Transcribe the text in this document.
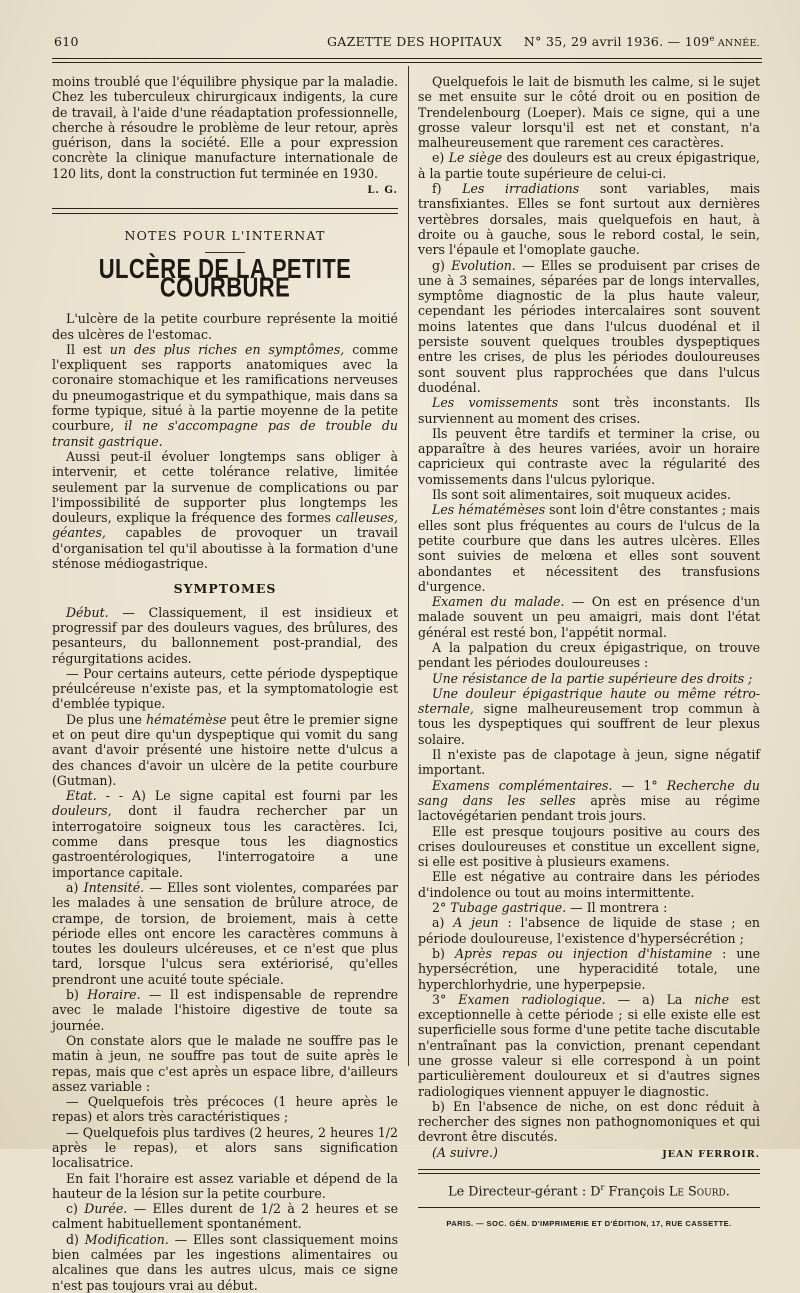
610	GAZETTE DES HOPITAUX N° 35, 29 avril 1936. — 109e ANNÉE.

moins troublé que l'équilibre physique par la maladie. Chez les tuberculeux chirurgicaux indigents, la cure de travail, à l'aide d'une réadaptation professionnelle, cherche à résoudre le problème de leur retour, après guérison, dans la société. Elle a pour expression concrète la clinique manufacture internationale de 120 lits, dont la construction fut terminée en 1930.

L. G.
NOTES POUR L'INTERNAT
ULCÈRE DE LA PETITE COURBURE

L'ulcère de la petite courbure représente la moitié des ulcères de l'estomac.

Il est un des plus riches en symptômes, comme l'expliquent ses rapports anatomiques avec la coronaire stomachique et les ramifications nerveuses du pneumogastrique et du sympathique, mais dans sa forme typique, situé à la partie moyenne de la petite courbure, il ne s'accompagne pas de trouble du transit gastrique.

Aussi peut-il évoluer longtemps sans obliger à intervenir, et cette tolérance relative, limitée seulement par la survenue de complications ou par l'impossibilité de supporter plus longtemps les douleurs, explique la fréquence des formes calleuses, géantes, capables de provoquer un travail d'organisation tel qu'il aboutisse à la formation d'une sténose médiogastrique.

SYMPTOMES

Début. — Classiquement, il est insidieux et progressif par des douleurs vagues, des brûlures, des pesanteurs, du ballonnement post-prandial, des régurgitations acides.

— Pour certains auteurs, cette période dyspeptique préulcéreuse n'existe pas, et la symptomatologie est d'emblée typique.

De plus une hématémèse peut être le premier signe et on peut dire qu'un dyspeptique qui vomit du sang avant d'avoir présenté une histoire nette d'ulcus a des chances d'avoir un ulcère de la petite courbure (Gutman).

Etat. - - A) Le signe capital est fourni par les douleurs, dont il faudra rechercher par un interrogatoire soigneux tous les caractères. Ici, comme dans presque tous les diagnostics gastroentérologiques, l'interrogatoire a une importance capitale.

a) Intensité. — Elles sont violentes, comparées par les malades à une sensation de brûlure atroce, de crampe, de torsion, de broiement, mais à cette période elles ont encore les caractères communs à toutes les douleurs ulcéreuses, et ce n'est que plus tard, lorsque l'ulcus sera extériorisé, qu'elles prendront une acuité toute spéciale.

b) Horaire. — Il est indispensable de reprendre avec le malade l'histoire digestive de toute sa journée.

On constate alors que le malade ne souffre pas le matin à jeun, ne souffre pas tout de suite après le repas, mais que c'est après un espace libre, d'ailleurs assez variable :

— Quelquefois très précoces (1 heure après le repas) et alors très caractéristiques ;

— Quelquefois plus tardives (2 heures, 2 heures 1/2 après le repas), et alors sans signification localisatrice.

En fait l'horaire est assez variable et dépend de la hauteur de la lésion sur la petite courbure.

c) Durée. — Elles durent de 1/2 à 2 heures et se calment habituellement spontanément.

d) Modification. — Elles sont classiquement moins bien calmées par les ingestions alimentaires ou alcalines que dans les autres ulcus, mais ce signe n'est pas toujours vrai au début.

Quelquefois le lait de bismuth les calme, si le sujet se met ensuite sur le côté droit ou en position de Trendelenbourg (Loeper). Mais ce signe, qui a une grosse valeur lorsqu'il est net et constant, n'a malheureusement que rarement ces caractères.

e) Le siège des douleurs est au creux épigastrique, à la partie toute supérieure de celui-ci.

f) Les irradiations sont variables, mais transfixiantes. Elles se font surtout aux dernières vertèbres dorsales, mais quelquefois en haut, à droite ou à gauche, sous le rebord costal, le sein, vers l'épaule et l'omoplate gauche.

g) Evolution. — Elles se produisent par crises de une à 3 semaines, séparées par de longs intervalles, symptôme diagnostic de la plus haute valeur, cependant les périodes intercalaires sont souvent moins latentes que dans l'ulcus duodénal et il persiste souvent quelques troubles dyspeptiques entre les crises, de plus les périodes douloureuses sont souvent plus rapprochées que dans l'ulcus duodénal.

Les vomissements sont très inconstants. Ils surviennent au moment des crises.

Ils peuvent être tardifs et terminer la crise, ou apparaître à des heures variées, avoir un horaire capricieux qui contraste avec la régularité des vomissements dans l'ulcus pylorique.

Ils sont soit alimentaires, soit muqueux acides.

Les hématémèses sont loin d'être constantes ; mais elles sont plus fréquentes au cours de l'ulcus de la petite courbure que dans les autres ulcères. Elles sont suivies de melœna et elles sont souvent abondantes et nécessitent des transfusions d'urgence.

Examen du malade. — On est en présence d'un malade souvent un peu amaigri, mais dont l'état général est resté bon, l'appétit normal.

A la palpation du creux épigastrique, on trouve pendant les périodes douloureuses :

Une résistance de la partie supérieure des droits ;

Une douleur épigastrique haute ou même rétro-sternale, signe malheureusement trop commun à tous les dyspeptiques qui souffrent de leur plexus solaire.

Il n'existe pas de clapotage à jeun, signe négatif important.

Examens complémentaires. — 1° Recherche du sang dans les selles après mise au régime lactovégétarien pendant trois jours.

Elle est presque toujours positive au cours des crises douloureuses et constitue un excellent signe, si elle est positive à plusieurs examens.

Elle est négative au contraire dans les périodes d'indolence ou tout au moins intermittente.

2° Tubage gastrique. — Il montrera :

a) A jeun : l'absence de liquide de stase ; en période douloureuse, l'existence d'hypersécrétion ;

b) Après repas ou injection d'histamine : une hypersécrétion, une hyperacidité totale, une hyperchlorhydrie, une hyperpepsie.

3° Examen radiologique. — a) La niche est exceptionnelle à cette période ; si elle existe elle est superficielle sous forme d'une petite tache discutable n'entraînant pas la conviction, prenant cependant une grosse valeur si elle correspond à un point particulièrement douloureux et si d'autres signes radiologiques viennent appuyer le diagnostic.

b) En l'absence de niche, on est donc réduit à rechercher des signes non pathognomoniques et qui devront être discutés.

(A suivre.)	JEAN FERROIR.
Le Directeur-gérant : $D^r$ François Le Sourd.
PARIS. — SOC. GÉN. D'IMPRIMERIE ET D'ÉDITION, 17, RUE CASSETTE.
